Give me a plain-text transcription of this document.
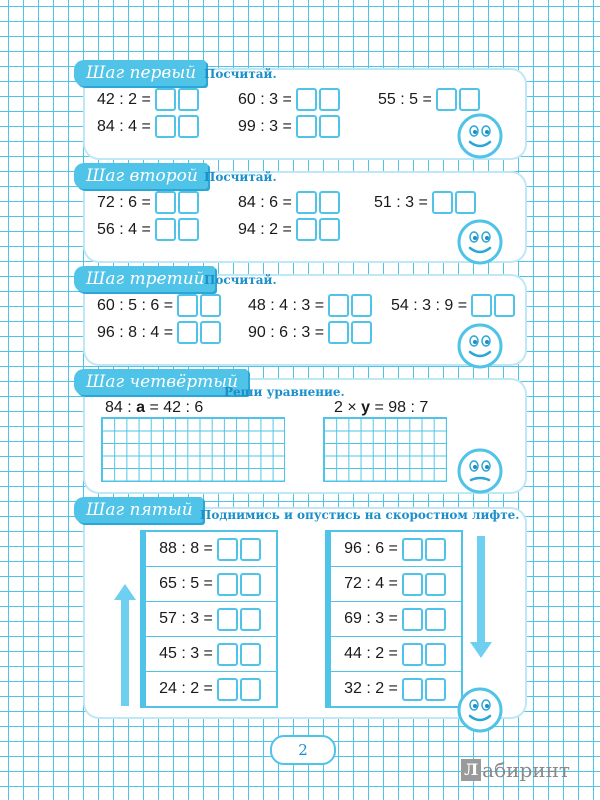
Шаг первый Посчитай.
42 : 2 =	60 : 3 =	55 : 5 =
84 : 4 =	99 : 3 =
Шаг второй Посчитай.
72 : 6 =	84 : 6 =	51 : 3 =
56 : 4 =	94 : 2 =
Шаг третий Посчитай.
60 : 5 : 6 =	48 : 4 : 3 =	54 : 3 : 9 =
96 : 8 : 4 =	90 : 6 : 3 =
Шаг четвёртый
Реши уравнение.
84 : a = 42 : 6	2 × y = 98 : 7
Шаг пятый Поднимись и опустись на скоростном лифте.
88 : 8 =
65 : 5 =
57 : 3 =
45 : 3 =
24 : 2 =
96 : 6 =
72 : 4 =
69 : 3 =
44 : 2 =
32 : 2 =
2
Л абиринт
